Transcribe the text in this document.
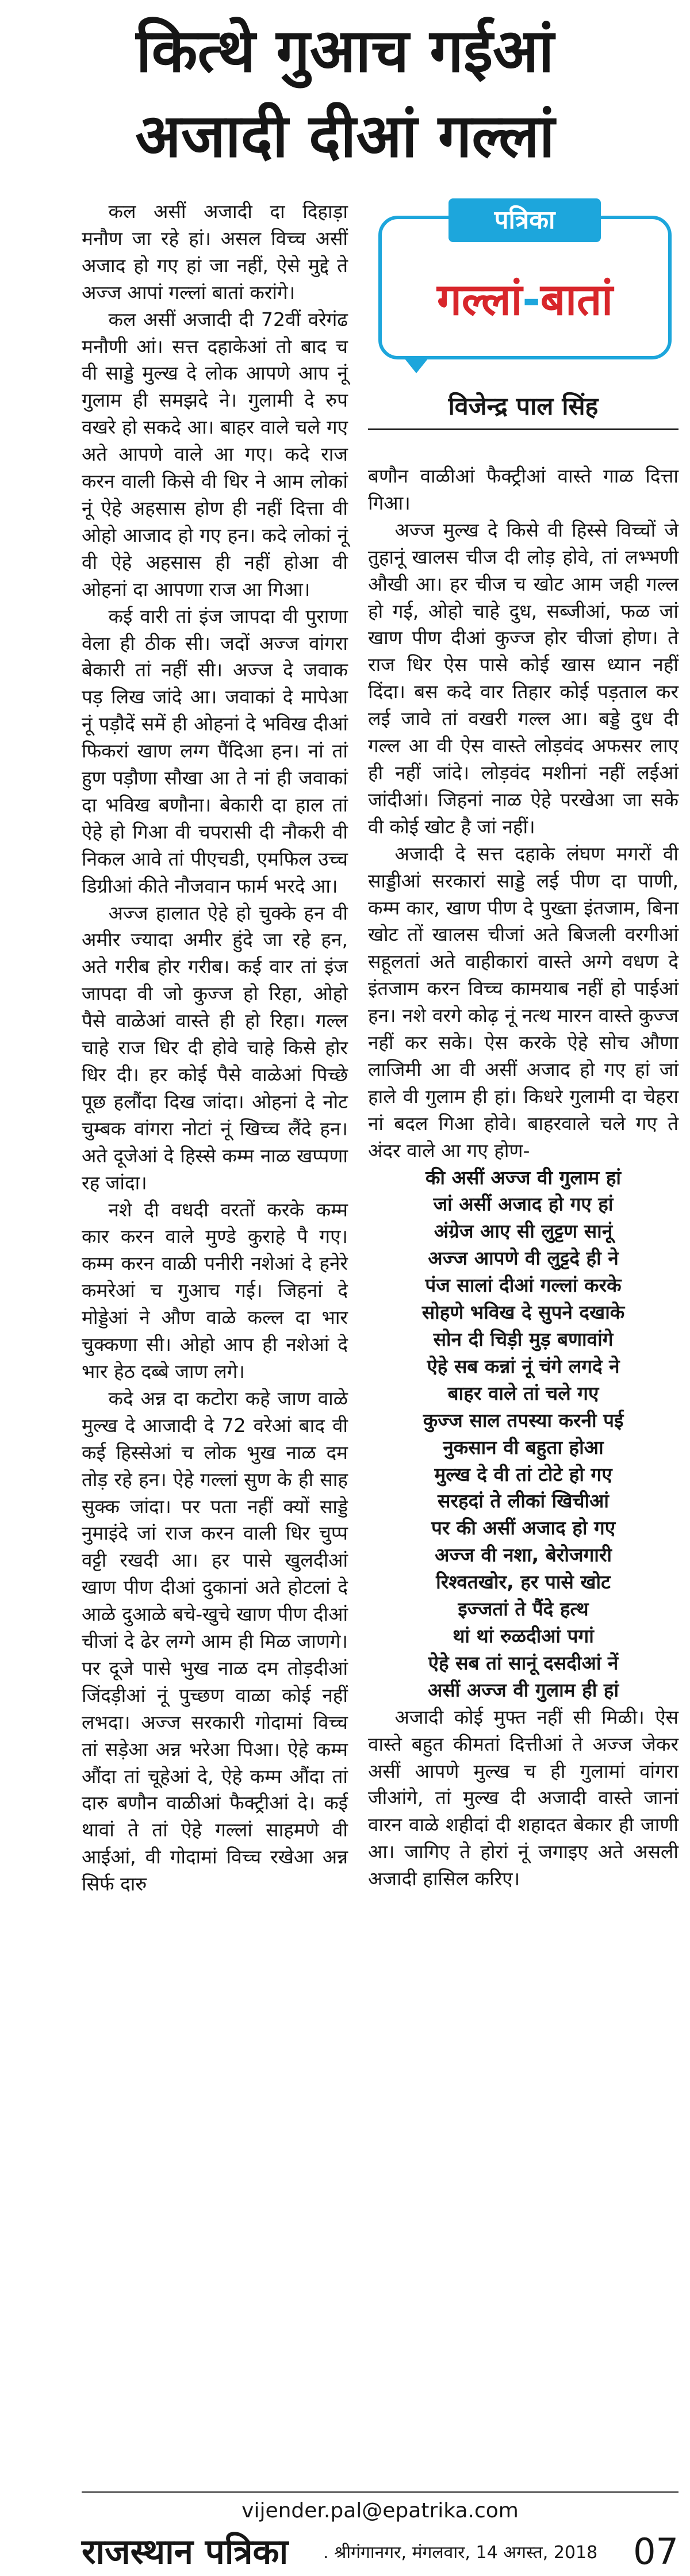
कित्थे गुआच गईआं
अजादी दीआं गल्लां

कल असीं अजादी दा दिहाड़ा मनौण जा रहे हां। असल विच्च असीं अजाद हो गए हां जा नहीं, ऐसे मुद्दे ते अज्ज आपां गल्लां बातां करांगे।

कल असीं अजादी दी 72वीं वरेगंढ मनौणी आं। सत्त दहाकेआं तो बाद च वी साड्डे मुल्ख दे लोक आपणे आप नूं गुलाम ही समझदे ने। गुलामी दे रुप वखरे हो सकदे आ। बाहर वाले चले गए अते आपणे वाले आ गए। कदे राज करन वाली किसे वी धिर ने आम लोकां नूं ऐहे अहसास होण ही नहीं दित्ता वी ओहो आजाद हो गए हन। कदे लोकां नूं वी ऐहे अहसास ही नहीं होआ वी ओहनां दा आपणा राज आ गिआ।

कई वारी तां इंज जापदा वी पुराणा वेला ही ठीक सी। जदों अज्ज वांगरा बेकारी तां नहीं सी। अज्ज दे जवाक पड़ लिख जांदे आ। जवाकां दे मापेआ नूं पड़ौदें समें ही ओहनां दे भविख दीआं फिकरां खाण लग्ग पैंदिआ हन। नां तां हुण पड़ौणा सौखा आ ते नां ही जवाकां दा भविख बणौना। बेकारी दा हाल तां ऐहे हो गिआ वी चपरासी दी नौकरी वी निकल आवे तां पीएचडी, एमफिल उच्च डिग्रीआं कीते नौजवान फार्म भरदे आ।

अज्ज हालात ऐहे हो चुक्के हन वी अमीर ज्यादा अमीर हुंदे जा रहे हन, अते गरीब होर गरीब। कई वार तां इंज जापदा वी जो कुज्ज हो रिहा, ओहो पैसे वाळेआं वास्ते ही हो रिहा। गल्ल चाहे राज धिर दी होवे चाहे किसे होर धिर दी। हर कोई पैसे वाळेआं पिच्छे पूछ हलौंदा दिख जांदा। ओहनां दे नोट चुम्बक वांगरा नोटां नूं खिच्च लैंदे हन। अते दूजेआं दे हिस्से कम्म नाळ खप्पणा रह जांदा।

नशे दी वधदी वरतों करके कम्म कार करन वाले मुण्डे कुराहे पै गए। कम्म करन वाळी पनीरी नशेआं दे हनेरे कमरेआं च गुआच गई। जिहनां दे मोड्डेआं ने औण वाळे कल्ल दा भार चुक्कणा सी। ओहो आप ही नशेआं दे भार हेठ दब्बे जाण लगे।

कदे अन्न दा कटोरा कहे जाण वाळे मुल्ख दे आजादी दे 72 वरेआं बाद वी कई हिस्सेआं च लोक भुख नाळ दम तोड़ रहे हन। ऐहे गल्लां सुण के ही साह सुक्क जांदा। पर पता नहीं क्यों साड्डे नुमाइंदे जां राज करन वाली धिर चुप्प वट्टी रखदी आ। हर पासे खुलदीआं खाण पीण दीआं दुकानां अते होटलां दे आळे दुआळे बचे-खुचे खाण पीण दीआं चीजां दे ढेर लग्गे आम ही मिळ जाणगे। पर दूजे पासे भुख नाळ दम तोड़दीआं जिंदड़ीआं नूं पुच्छण वाळा कोई नहीं लभदा। अज्ज सरकारी गोदामां विच्च तां सड़ेआ अन्न भरेआ पिआ। ऐहे कम्म औंदा तां चूहेआं दे, ऐहे कम्म औंदा तां दारु बणौन वाळीआं फैक्ट्रीआं दे। कई थावां ते तां ऐहे गल्लां साहमणे वी आईआं, वी गोदामां विच्च रखेआ अन्न सिर्फ दारु

गल्लां-बातां
पत्रिका
विजेन्द्र पाल सिंह

बणौन वाळीआं फैक्ट्रीआं वास्ते गाळ दित्ता गिआ।

अज्ज मुल्ख दे किसे वी हिस्से विच्चों जे तुहानूं खालस चीज दी लोड़ होवे, तां लभ्भणी औखी आ। हर चीज च खोट आम जही गल्ल हो गई, ओहो चाहे दुध, सब्जीआं, फळ जां खाण पीण दीआं कुज्ज होर चीजां होण। ते राज धिर ऐस पासे कोई खास ध्यान नहीं दिंदा। बस कदे वार तिहार कोई पड़ताल कर लई जावे तां वखरी गल्ल आ। बड्डे दुध दी गल्ल आ वी ऐस वास्ते लोड़वंद अफसर लाए ही नहीं जांदे। लोड़वंद मशीनां नहीं लईआं जांदीआं। जिहनां नाळ ऐहे परखेआ जा सके वी कोई खोट है जां नहीं।

अजादी दे सत्त दहाके लंघण मगरों वी साड्डीआं सरकारां साड्डे लई पीण दा पाणी, कम्म कार, खाण पीण दे पुख्ता इंतजाम, बिना खोट तों खालस चीजां अते बिजली वरगीआं सहूलतां अते वाहीकारां वास्ते अग्गे वधण दे इंतजाम करन विच्च कामयाब नहीं हो पाईआं हन। नशे वरगे कोढ़ नूं नत्थ मारन वास्ते कुज्ज नहीं कर सके। ऐस करके ऐहे सोच औणा लाजिमी आ वी असीं अजाद हो गए हां जां हाले वी गुलाम ही हां। किधरे गुलामी दा चेहरा नां बदल गिआ होवे। बाहरवाले चले गए ते अंदर वाले आ गए होण-

की असीं अज्ज वी गुलाम हां

जां असीं अजाद हो गए हां

अंग्रेज आए सी लुट्टण सानूं

अज्ज आपणे वी लुट्टदे ही ने

पंज सालां दीआं गल्लां करके

सोहणे भविख दे सुपने दखाके

सोन दी चिड़ी मुड़ बणावांगे

ऐहे सब कन्नां नूं चंगे लगदे ने

बाहर वाले तां चले गए

कुज्ज साल तपस्या करनी पई

नुकसान वी बहुता होआ

मुल्ख दे वी तां टोटे हो गए

सरहदां ते लीकां खिचीआं

पर की असीं अजाद हो गए

अज्ज वी नशा, बेरोजगारी

रिश्वतखोर, हर पासे खोट

इज्जतां ते पैंदे हत्थ

थां थां रुळदीआं पगां

ऐहे सब तां सानूं दसदीआं नें

असीं अज्ज वी गुलाम ही हां

अजादी कोई मुफ्त नहीं सी मिळी। ऐस वास्ते बहुत कीमतां दित्तीआं ते अज्ज जेकर असीं आपणे मुल्ख च ही गुलामां वांगरा जीआंगे, तां मुल्ख दी अजादी वास्ते जानां वारन वाळे शहीदां दी शहादत बेकार ही जाणी आ। जागिए ते होरां नूं जगाइए अते असली अजादी हासिल करिए।

vijender.pal@epatrika.com
राजस्थान पत्रिका . श्रीगंगानगर, मंगलवार, 14 अगस्त, 2018 07
